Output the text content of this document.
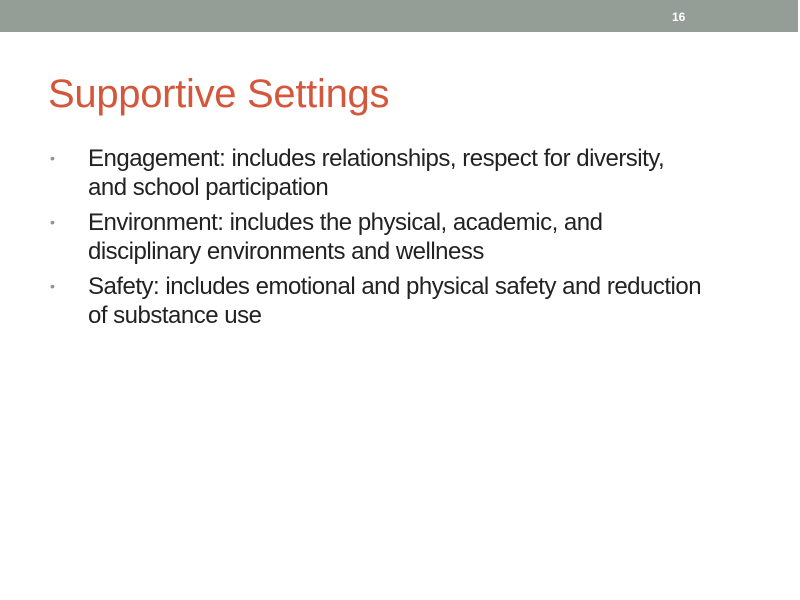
16
Supportive Settings
• Engagement: includes relationships, respect for diversity, and school participation
• Environment: includes the physical, academic, and disciplinary environments and wellness
• Safety: includes emotional and physical safety and reduction of substance use
